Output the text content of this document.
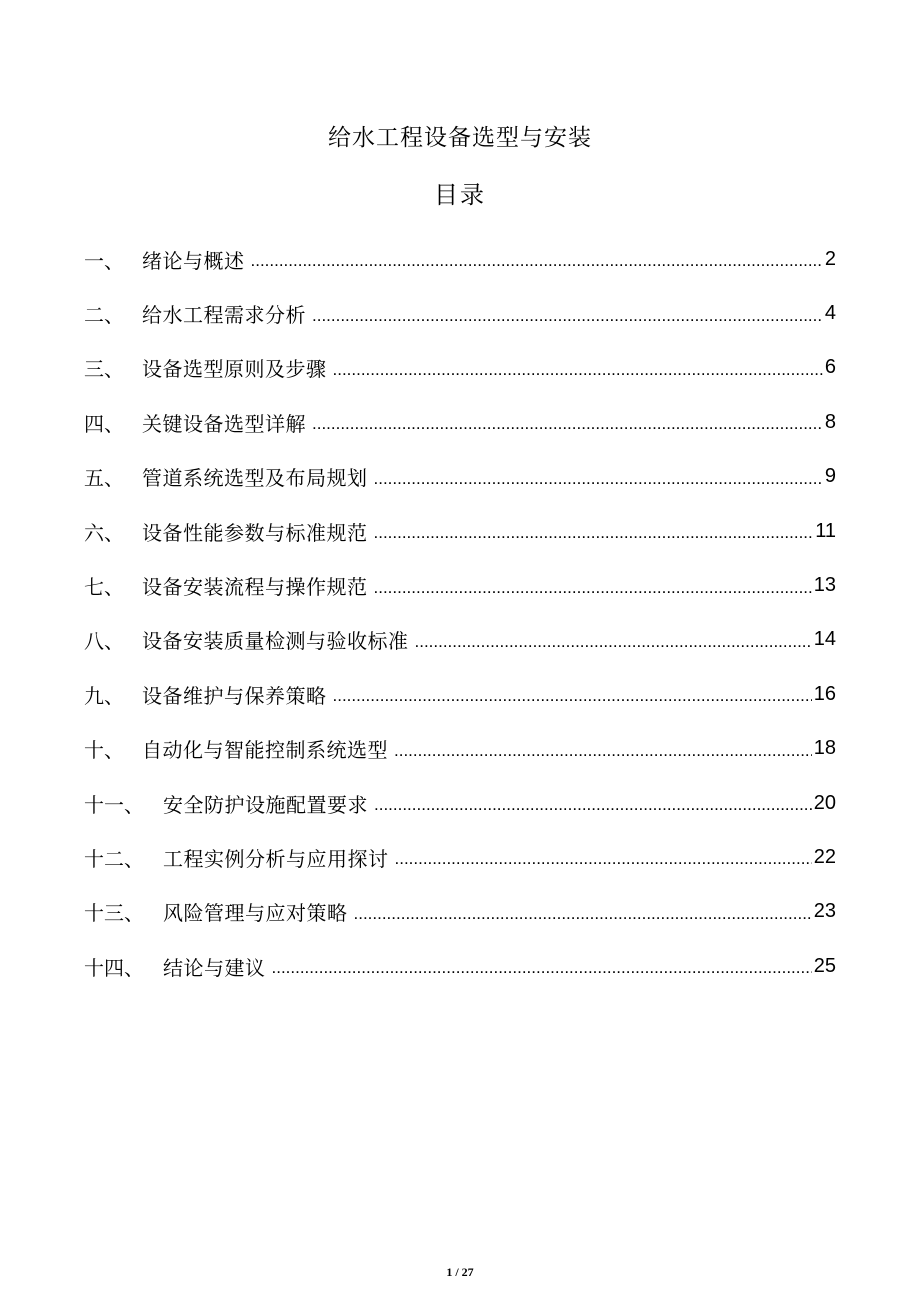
给水工程设备选型与安装
目录
一、 绪论与概述 .....	2
二、 给水工程需求分析 .....	4
三、 设备选型原则及步骤 .....	6
四、 关键设备选型详解 .....	8
五、 管道系统选型及布局规划 .....	9
六、 设备性能参数与标准规范 .....	11
七、 设备安装流程与操作规范 .....	13
八、 设备安装质量检测与验收标准 .....	14
九、 设备维护与保养策略 .....	16
十、 自动化与智能控制系统选型 .....	18
十一、 安全防护设施配置要求 .....	20
十二、 工程实例分析与应用探讨 .....	22
十三、 风险管理与应对策略 .....	23
十四、 结论与建议 .....	25
1 / 27
